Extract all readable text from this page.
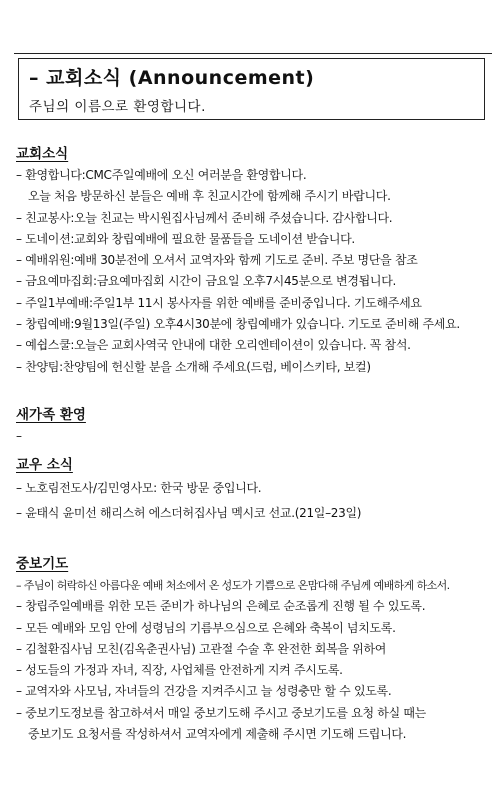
– 교회소식 (Announcement)
주님의 이름으로 환영합니다.
교회소식
– 환영합니다:CMC주일예배에 오신 여러분을 환영합니다.
오늘 처음 방문하신 분들은 예배 후 친교시간에 함께해 주시기 바랍니다.
– 친교봉사:오늘 친교는 박시원집사님께서 준비해 주셨습니다. 감사합니다.
– 도네이션:교회와 창립예배에 필요한 물품들을 도네이션 받습니다.
– 예배위원:예배 30분전에 오셔서 교역자와 함께 기도로 준비. 주보 명단을 참조
– 금요예마집회:금요예마집회 시간이 금요일 오후7시45분으로 변경됩니다.
– 주일1부예배:주일1부 11시 봉사자를 위한 예배를 준비중입니다. 기도해주세요
– 창립예배:9월13일(주일) 오후4시30분에 창립예배가 있습니다. 기도로 준비해 주세요.
– 예쉽스쿨:오늘은 교회사역국 안내에 대한 오리엔테이션이 있습니다. 꼭 참석.
– 찬양팀:찬양팀에 헌신할 분을 소개해 주세요(드럼, 베이스키타, 보컬)
새가족 환영
–
교우 소식
– 노호림전도사/김민영사모: 한국 방문 중입니다.
– 윤태식 윤미선 해리스허 에스더허집사님 멕시코 선교.(21일–23일)
중보기도
– 주님이 허락하신 아름다운 예배 처소에서 온 성도가 기쁨으로 온맘다해 주님께 예배하게 하소서.
– 창립주일예배를 위한 모든 준비가 하나님의 은혜로 순조롭게 진행 될 수 있도록.
– 모든 예배와 모임 안에 성령님의 기름부으심으로 은혜와 축복이 넘치도록.
– 김철환집사님 모친(김옥춘권사님) 고관절 수술 후 완전한 회복을 위하여
– 성도들의 가정과 자녀, 직장, 사업체를 안전하게 지켜 주시도록.
– 교역자와 사모님, 자녀들의 건강을 지켜주시고 늘 성령충만 할 수 있도록.
– 중보기도정보를 참고하셔서 매일 중보기도해 주시고 중보기도를 요청 하실 때는
중보기도 요청서를 작성하셔서 교역자에게 제출해 주시면 기도해 드립니다.
